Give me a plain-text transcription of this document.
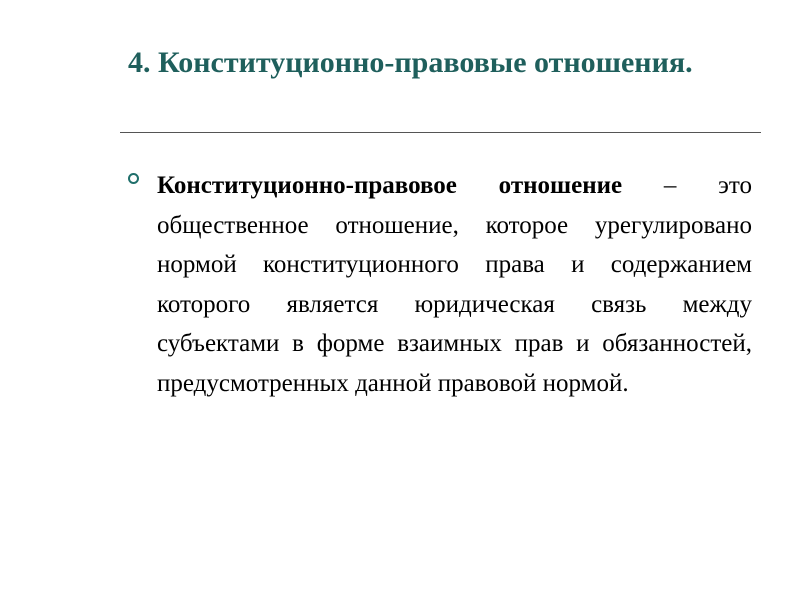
4. Конституционно-правовые отношения.

Конституционно-правовое отношение – это общественное отношение, которое урегулировано нормой конституционного права и содержанием которого является юридическая связь между субъектами в форме взаимных прав и обязанностей, предусмотренных данной правовой нормой.
